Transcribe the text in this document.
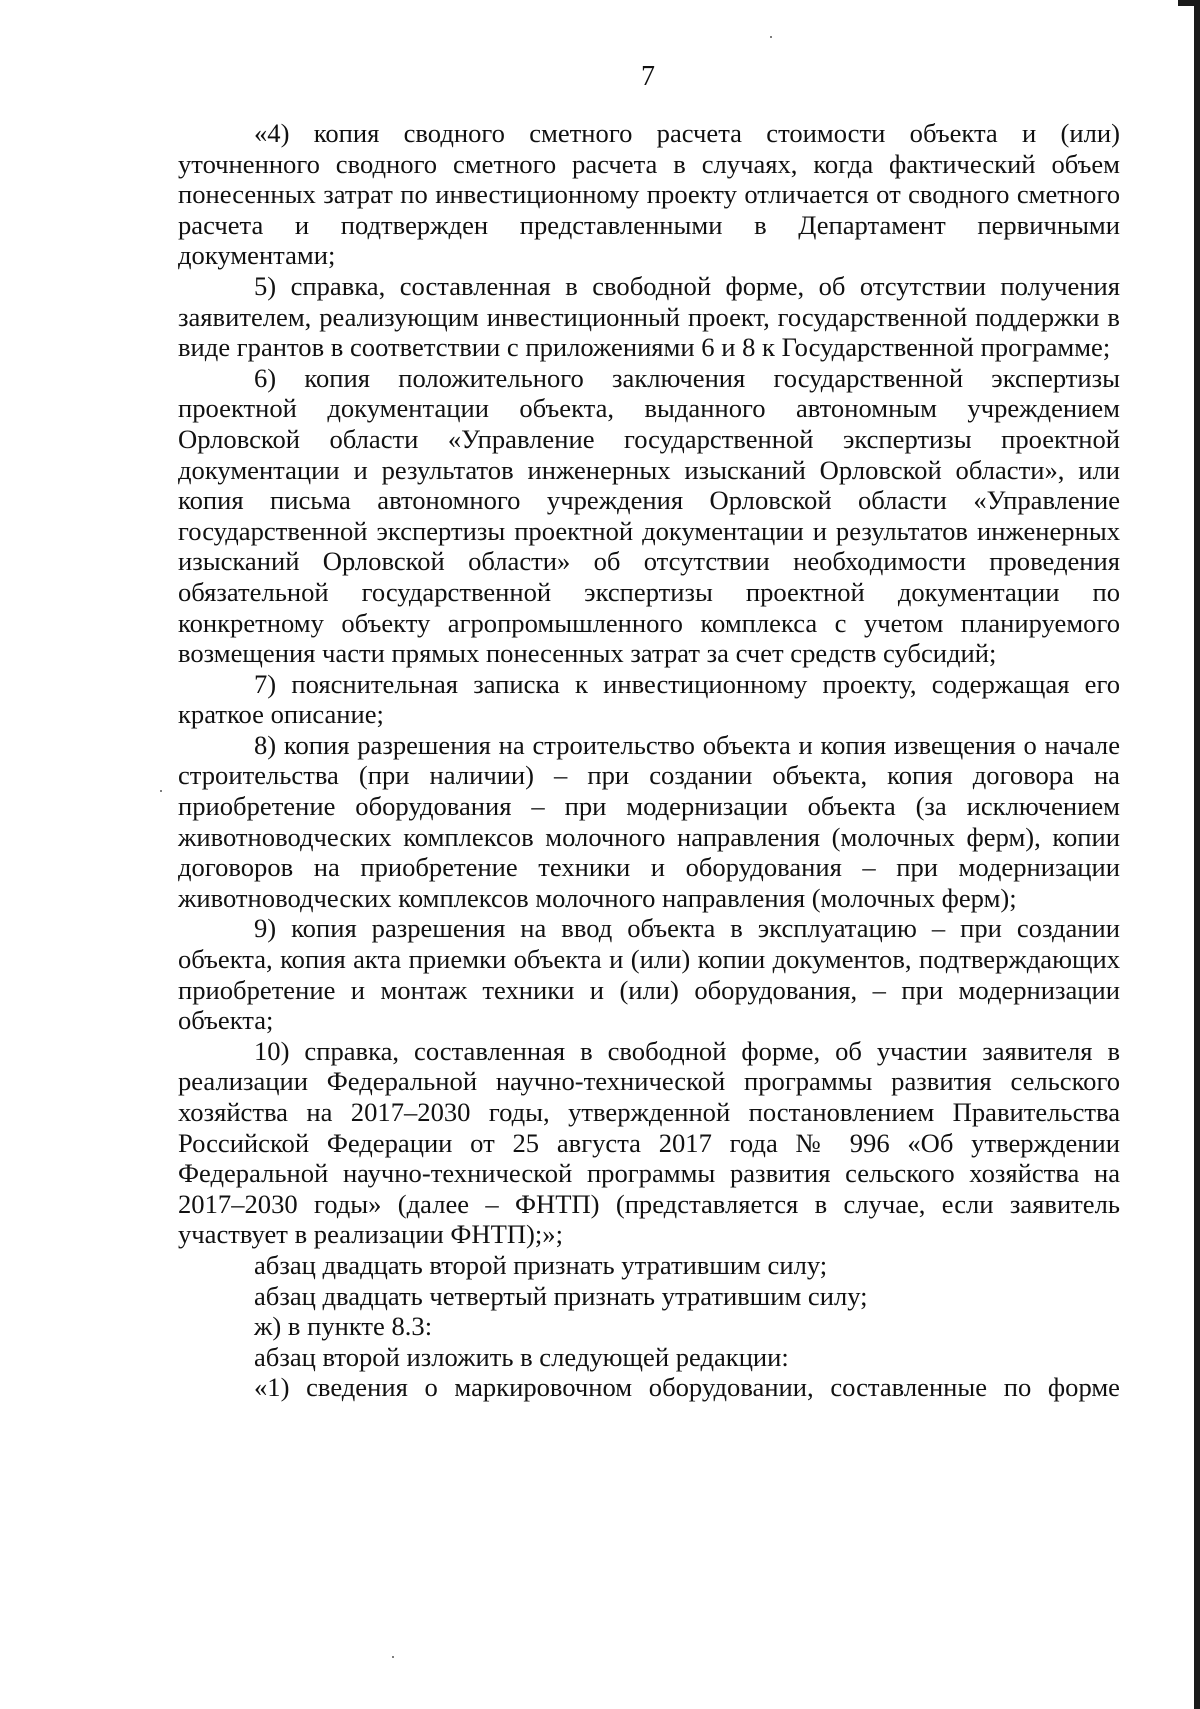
7

«4) копия сводного сметного расчета стоимости объекта и (или) уточненного сводного сметного расчета в случаях, когда фактический объем понесенных затрат по инвестиционному проекту отличается от сводного сметного расчета и подтвержден представленными в Департамент первичными документами;

5) справка, составленная в свободной форме, об отсутствии получения заявителем, реализующим инвестиционный проект, государственной поддержки в виде грантов в соответствии с приложениями 6 и 8 к Государственной программе;

6) копия положительного заключения государственной экспертизы проектной документации объекта, выданного автономным учреждением Орловской области «Управление государственной экспертизы проектной документации и результатов инженерных изысканий Орловской области», или копия письма автономного учреждения Орловской области «Управление государственной экспертизы проектной документации и результатов инженерных изысканий Орловской области» об отсутствии необходимости проведения обязательной государственной экспертизы проектной документации по конкретному объекту агропромышленного комплекса с учетом планируемого возмещения части прямых понесенных затрат за счет средств субсидий;

7) пояснительная записка к инвестиционному проекту, содержащая его краткое описание;

8) копия разрешения на строительство объекта и копия извещения о начале строительства (при наличии) – при создании объекта, копия договора на приобретение оборудования – при модернизации объекта (за исключением животноводческих комплексов молочного направления (молочных ферм), копии договоров на приобретение техники и оборудования – при модернизации животноводческих комплексов молочного направления (молочных ферм);

9) копия разрешения на ввод объекта в эксплуатацию – при создании объекта, копия акта приемки объекта и (или) копии документов, подтверждающих приобретение и монтаж техники и (или) оборудования, – при модернизации объекта;

10) справка, составленная в свободной форме, об участии заявителя в реализации Федеральной научно-технической программы развития сельского хозяйства на 2017–2030 годы, утвержденной постановлением Правительства Российской Федерации от 25 августа 2017 года № 996 «Об утверждении Федеральной научно-технической программы развития сельского хозяйства на 2017–2030 годы» (далее – ФНТП) (представляется в случае, если заявитель участвует в реализации ФНТП);»;

абзац двадцать второй признать утратившим силу;

абзац двадцать четвертый признать утратившим силу;

ж) в пункте 8.3:

абзац второй изложить в следующей редакции:

«1) сведения о маркировочном оборудовании, составленные по форме
